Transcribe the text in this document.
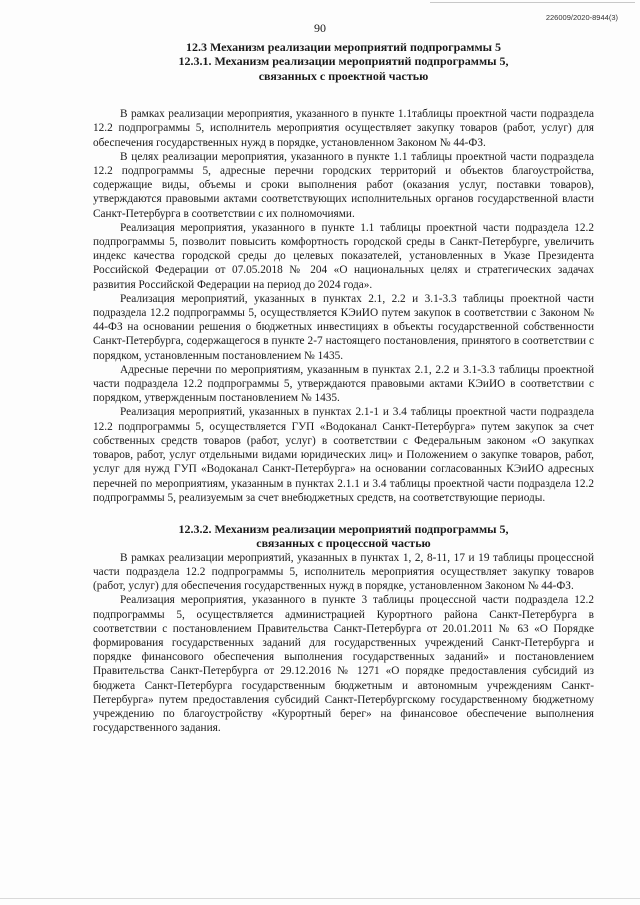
90
226009/2020-8944(3)
12.3 Механизм реализации мероприятий подпрограммы 5
12.3.1. Механизм реализации мероприятий подпрограммы 5,
связанных с проектной частью

В рамках реализации мероприятия, указанного в пункте 1.1таблицы проектной части подраздела 12.2 подпрограммы 5, исполнитель мероприятия осуществляет закупку товаров (работ, услуг) для обеспечения государственных нужд в порядке, установленном Законом № 44-ФЗ.

В целях реализации мероприятия, указанного в пункте 1.1 таблицы проектной части подраздела 12.2 подпрограммы 5, адресные перечни городских территорий и объектов благоустройства, содержащие виды, объемы и сроки выполнения работ (оказания услуг, поставки товаров), утверждаются правовыми актами соответствующих исполнительных органов государственной власти Санкт-Петербурга в соответствии с их полномочиями.

Реализация мероприятия, указанного в пункте 1.1 таблицы проектной части подраздела 12.2 подпрограммы 5, позволит повысить комфортность городской среды в Санкт-Петербурге, увеличить индекс качества городской среды до целевых показателей, установленных в Указе Президента Российской Федерации от 07.05.2018 № 204 «О национальных целях и стратегических задачах развития Российской Федерации на период до 2024 года».

Реализация мероприятий, указанных в пунктах 2.1, 2.2 и 3.1-3.3 таблицы проектной части подраздела 12.2 подпрограммы 5, осуществляется КЭиИО путем закупок в соответствии с Законом № 44-ФЗ на основании решения о бюджетных инвестициях в объекты государственной собственности Санкт-Петербурга, содержащегося в пункте 2-7 настоящего постановления, принятого в соответствии с порядком, установленным постановлением № 1435.

Адресные перечни по мероприятиям, указанным в пунктах 2.1, 2.2 и 3.1-3.3 таблицы проектной части подраздела 12.2 подпрограммы 5, утверждаются правовыми актами КЭиИО в соответствии с порядком, утвержденным постановлением № 1435.

Реализация мероприятий, указанных в пунктах 2.1-1 и 3.4 таблицы проектной части подраздела 12.2 подпрограммы 5, осуществляется ГУП «Водоканал Санкт-Петербурга» путем закупок за счет собственных средств товаров (работ, услуг) в соответствии с Федеральным законом «О закупках товаров, работ, услуг отдельными видами юридических лиц» и Положением о закупке товаров, работ, услуг для нужд ГУП «Водоканал Санкт-Петербурга» на основании согласованных КЭиИО адресных перечней по мероприятиям, указанным в пунктах 2.1.1 и 3.4 таблицы проектной части подраздела 12.2 подпрограммы 5, реализуемым за счет внебюджетных средств, на соответствующие периоды.

12.3.2. Механизм реализации мероприятий подпрограммы 5,
связанных с процессной частью

В рамках реализации мероприятий, указанных в пунктах 1, 2, 8-11, 17 и 19 таблицы процессной части подраздела 12.2 подпрограммы 5, исполнитель мероприятия осуществляет закупку товаров (работ, услуг) для обеспечения государственных нужд в порядке, установленном Законом № 44-ФЗ.

Реализация мероприятия, указанного в пункте 3 таблицы процессной части подраздела 12.2 подпрограммы 5, осуществляется администрацией Курортного района Санкт-Петербурга в соответствии с постановлением Правительства Санкт-Петербурга от 20.01.2011 № 63 «О Порядке формирования государственных заданий для государственных учреждений Санкт-Петербурга и порядке финансового обеспечения выполнения государственных заданий» и постановлением Правительства Санкт-Петербурга от 29.12.2016 № 1271 «О порядке предоставления субсидий из бюджета Санкт-Петербурга государственным бюджетным и автономным учреждениям Санкт-Петербурга» путем предоставления субсидий Санкт-Петербургскому государственному бюджетному учреждению по благоустройству «Курортный берег» на финансовое обеспечение выполнения государственного задания.
